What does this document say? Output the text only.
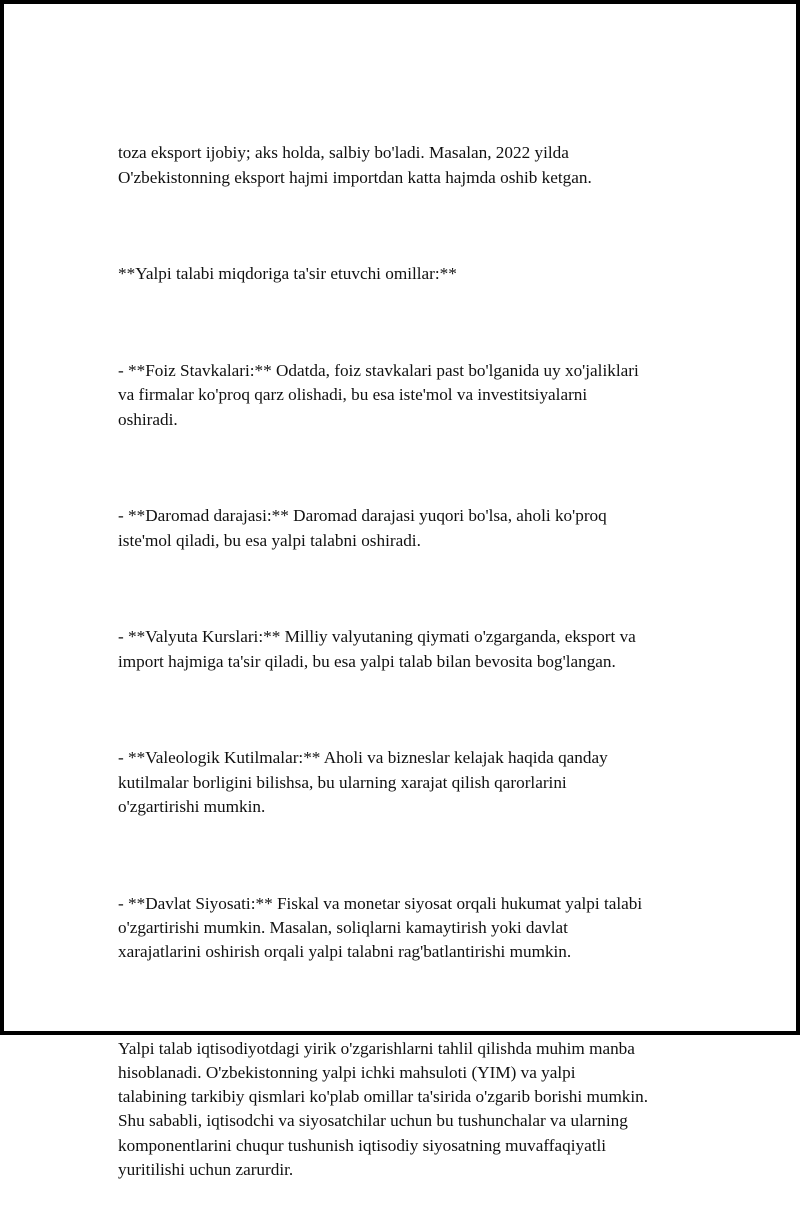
toza eksport ijobiy; aks holda, salbiy bo'ladi. Masalan, 2022 yilda
O'zbekistonning eksport hajmi importdan katta hajmda oshib ketgan.

**Yalpi talabi miqdoriga ta'sir etuvchi omillar:**

- **Foiz Stavkalari:** Odatda, foiz stavkalari past bo'lganida uy xo'jaliklari
va firmalar ko'proq qarz olishadi, bu esa iste'mol va investitsiyalarni
oshiradi.

- **Daromad darajasi:** Daromad darajasi yuqori bo'lsa, aholi ko'proq
iste'mol qiladi, bu esa yalpi talabni oshiradi.

- **Valyuta Kurslari:** Milliy valyutaning qiymati o'zgarganda, eksport va
import hajmiga ta'sir qiladi, bu esa yalpi talab bilan bevosita bog'langan.

- **Valeologik Kutilmalar:** Aholi va bizneslar kelajak haqida qanday
kutilmalar borligini bilishsa, bu ularning xarajat qilish qarorlarini
o'zgartirishi mumkin.

- **Davlat Siyosati:** Fiskal va monetar siyosat orqali hukumat yalpi talabi
o'zgartirishi mumkin. Masalan, soliqlarni kamaytirish yoki davlat
xarajatlarini oshirish orqali yalpi talabni rag'batlantirishi mumkin.

Yalpi talab iqtisodiyotdagi yirik o'zgarishlarni tahlil qilishda muhim manba
hisoblanadi. O'zbekistonning yalpi ichki mahsuloti (YIM) va yalpi
talabining tarkibiy qismlari ko'plab omillar ta'sirida o'zgarib borishi mumkin.
Shu sababli, iqtisodchi va siyosatchilar uchun bu tushunchalar va ularning
komponentlarini chuqur tushunish iqtisodiy siyosatning muvaffaqiyatli
yuritilishi uchun zarurdir.
